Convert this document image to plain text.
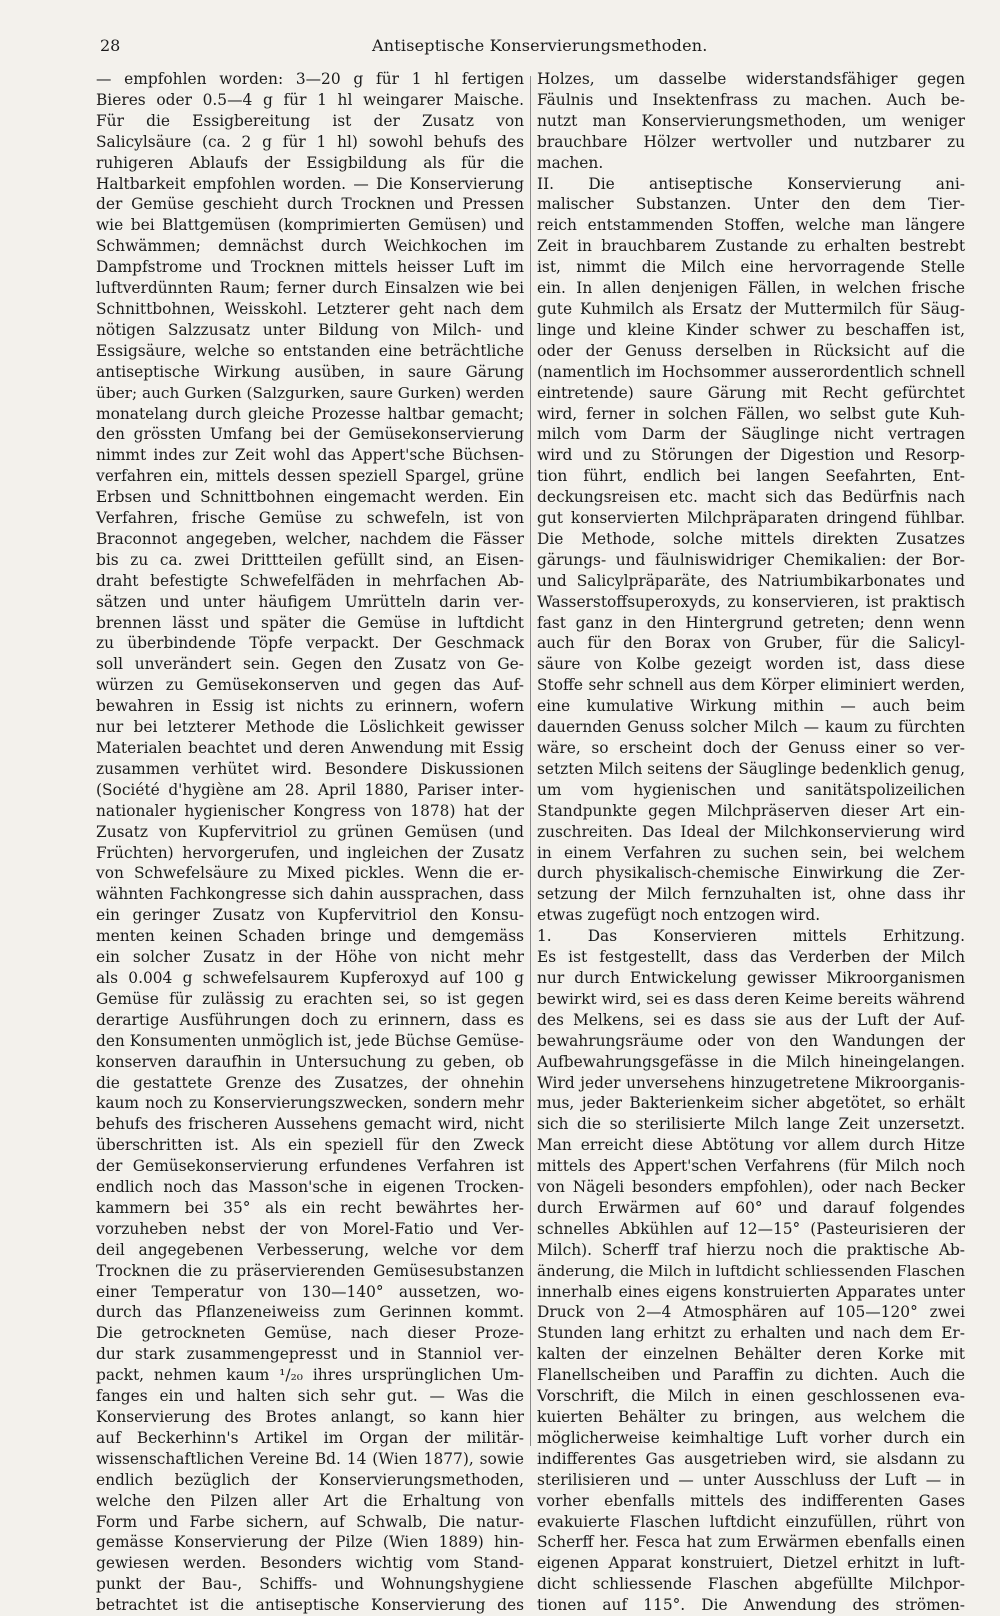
28	Antiseptische Konservierungsmethoden.
— empfohlen worden: 3—20 g für 1 hl fertigen
Bieres oder 0.5—4 g für 1 hl weingarer Maische.
Für die Essigbereitung ist der Zusatz von
Salicylsäure (ca. 2 g für 1 hl) sowohl behufs des
ruhigeren Ablaufs der Essigbildung als für die
Haltbarkeit empfohlen worden. — Die Konservierung
der Gemüse geschieht durch Trocknen und Pressen
wie bei Blattgemüsen (komprimierten Gemüsen) und
Schwämmen; demnächst durch Weichkochen im
Dampfstrome und Trocknen mittels heisser Luft im
luftverdünnten Raum; ferner durch Einsalzen wie bei
Schnittbohnen, Weisskohl. Letzterer geht nach dem
nötigen Salzzusatz unter Bildung von Milch- und
Essigsäure, welche so entstanden eine beträchtliche
antiseptische Wirkung ausüben, in saure Gärung
über; auch Gurken (Salzgurken, saure Gurken) werden
monatelang durch gleiche Prozesse haltbar gemacht;
den grössten Umfang bei der Gemüsekonservierung
nimmt indes zur Zeit wohl das Appert'sche Büchsen-
verfahren ein, mittels dessen speziell Spargel, grüne
Erbsen und Schnittbohnen eingemacht werden. Ein
Verfahren, frische Gemüse zu schwefeln, ist von
Braconnot angegeben, welcher, nachdem die Fässer
bis zu ca. zwei Drittteilen gefüllt sind, an Eisen-
draht befestigte Schwefelfäden in mehrfachen Ab-
sätzen und unter häufigem Umrütteln darin ver-
brennen lässt und später die Gemüse in luftdicht
zu überbindende Töpfe verpackt. Der Geschmack
soll unverändert sein. Gegen den Zusatz von Ge-
würzen zu Gemüsekonserven und gegen das Auf-
bewahren in Essig ist nichts zu erinnern, wofern
nur bei letzterer Methode die Löslichkeit gewisser
Materialen beachtet und deren Anwendung mit Essig
zusammen verhütet wird. Besondere Diskussionen
(Société d'hygiène am 28. April 1880, Pariser inter-
nationaler hygienischer Kongress von 1878) hat der
Zusatz von Kupfervitriol zu grünen Gemüsen (und
Früchten) hervorgerufen, und ingleichen der Zusatz
von Schwefelsäure zu Mixed pickles. Wenn die er-
wähnten Fachkongresse sich dahin aussprachen, dass
ein geringer Zusatz von Kupfervitriol den Konsu-
menten keinen Schaden bringe und demgemäss
ein solcher Zusatz in der Höhe von nicht mehr
als 0.004 g schwefelsaurem Kupferoxyd auf 100 g
Gemüse für zulässig zu erachten sei, so ist gegen
derartige Ausführungen doch zu erinnern, dass es
den Konsumenten unmöglich ist, jede Büchse Gemüse-
konserven daraufhin in Untersuchung zu geben, ob
die gestattete Grenze des Zusatzes, der ohnehin
kaum noch zu Konservierungszwecken, sondern mehr
behufs des frischeren Aussehens gemacht wird, nicht
überschritten ist. Als ein speziell für den Zweck
der Gemüsekonservierung erfundenes Verfahren ist
endlich noch das Masson'sche in eigenen Trocken-
kammern bei 35° als ein recht bewährtes her-
vorzuheben nebst der von Morel-Fatio und Ver-
deil angegebenen Verbesserung, welche vor dem
Trocknen die zu präservierenden Gemüsesubstanzen
einer Temperatur von 130—140° aussetzen, wo-
durch das Pflanzeneiweiss zum Gerinnen kommt.
Die getrockneten Gemüse, nach dieser Proze-
dur stark zusammengepresst und in Stanniol ver-
packt, nehmen kaum ¹/₂₀ ihres ursprünglichen Um-
fanges ein und halten sich sehr gut. — Was die
Konservierung des Brotes anlangt, so kann hier
auf Beckerhinn's Artikel im Organ der militär-
wissenschaftlichen Vereine Bd. 14 (Wien 1877), sowie
endlich bezüglich der Konservierungsmethoden,
welche den Pilzen aller Art die Erhaltung von
Form und Farbe sichern, auf Schwalb, Die natur-
gemässe Konservierung der Pilze (Wien 1889) hin-
gewiesen werden. Besonders wichtig vom Stand-
punkt der Bau-, Schiffs- und Wohnungshygiene
betrachtet ist die antiseptische Konservierung des
Holzes, um dasselbe widerstandsfähiger gegen
Fäulnis und Insektenfrass zu machen. Auch be-
nutzt man Konservierungsmethoden, um weniger
brauchbare Hölzer wertvoller und nutzbarer zu
machen.
II. Die antiseptische Konservierung ani-
malischer Substanzen. Unter den dem Tier-
reich entstammenden Stoffen, welche man längere
Zeit in brauchbarem Zustande zu erhalten bestrebt
ist, nimmt die Milch eine hervorragende Stelle
ein. In allen denjenigen Fällen, in welchen frische
gute Kuhmilch als Ersatz der Muttermilch für Säug-
linge und kleine Kinder schwer zu beschaffen ist,
oder der Genuss derselben in Rücksicht auf die
(namentlich im Hochsommer ausserordentlich schnell
eintretende) saure Gärung mit Recht gefürchtet
wird, ferner in solchen Fällen, wo selbst gute Kuh-
milch vom Darm der Säuglinge nicht vertragen
wird und zu Störungen der Digestion und Resorp-
tion führt, endlich bei langen Seefahrten, Ent-
deckungsreisen etc. macht sich das Bedürfnis nach
gut konservierten Milchpräparaten dringend fühlbar.
Die Methode, solche mittels direkten Zusatzes
gärungs- und fäulniswidriger Chemikalien: der Bor-
und Salicylpräparäte, des Natriumbikarbonates und
Wasserstoffsuperoxyds, zu konservieren, ist praktisch
fast ganz in den Hintergrund getreten; denn wenn
auch für den Borax von Gruber, für die Salicyl-
säure von Kolbe gezeigt worden ist, dass diese
Stoffe sehr schnell aus dem Körper eliminiert werden,
eine kumulative Wirkung mithin — auch beim
dauernden Genuss solcher Milch — kaum zu fürchten
wäre, so erscheint doch der Genuss einer so ver-
setzten Milch seitens der Säuglinge bedenklich genug,
um vom hygienischen und sanitätspolizeilichen
Standpunkte gegen Milchpräserven dieser Art ein-
zuschreiten. Das Ideal der Milchkonservierung wird
in einem Verfahren zu suchen sein, bei welchem
durch physikalisch-chemische Einwirkung die Zer-
setzung der Milch fernzuhalten ist, ohne dass ihr
etwas zugefügt noch entzogen wird.
1. Das Konservieren mittels Erhitzung.
Es ist festgestellt, dass das Verderben der Milch
nur durch Entwickelung gewisser Mikroorganismen
bewirkt wird, sei es dass deren Keime bereits während
des Melkens, sei es dass sie aus der Luft der Auf-
bewahrungsräume oder von den Wandungen der
Aufbewahrungsgefässe in die Milch hineingelangen.
Wird jeder unversehens hinzugetretene Mikroorganis-
mus, jeder Bakterienkeim sicher abgetötet, so erhält
sich die so sterilisierte Milch lange Zeit unzersetzt.
Man erreicht diese Abtötung vor allem durch Hitze
mittels des Appert'schen Verfahrens (für Milch noch
von Nägeli besonders empfohlen), oder nach Becker
durch Erwärmen auf 60° und darauf folgendes
schnelles Abkühlen auf 12—15° (Pasteurisieren der
Milch). Scherff traf hierzu noch die praktische Ab-
änderung, die Milch in luftdicht schliessenden Flaschen
innerhalb eines eigens konstruierten Apparates unter
Druck von 2—4 Atmosphären auf 105—120° zwei
Stunden lang erhitzt zu erhalten und nach dem Er-
kalten der einzelnen Behälter deren Korke mit
Flanellscheiben und Paraffin zu dichten. Auch die
Vorschrift, die Milch in einen geschlossenen eva-
kuierten Behälter zu bringen, aus welchem die
möglicherweise keimhaltige Luft vorher durch ein
indifferentes Gas ausgetrieben wird, sie alsdann zu
sterilisieren und — unter Ausschluss der Luft — in
vorher ebenfalls mittels des indifferenten Gases
evakuierte Flaschen luftdicht einzufüllen, rührt von
Scherff her. Fesca hat zum Erwärmen ebenfalls einen
eigenen Apparat konstruiert, Dietzel erhitzt in luft-
dicht schliessende Flaschen abgefüllte Milchpor-
tionen auf 115°. Die Anwendung des strömen-
